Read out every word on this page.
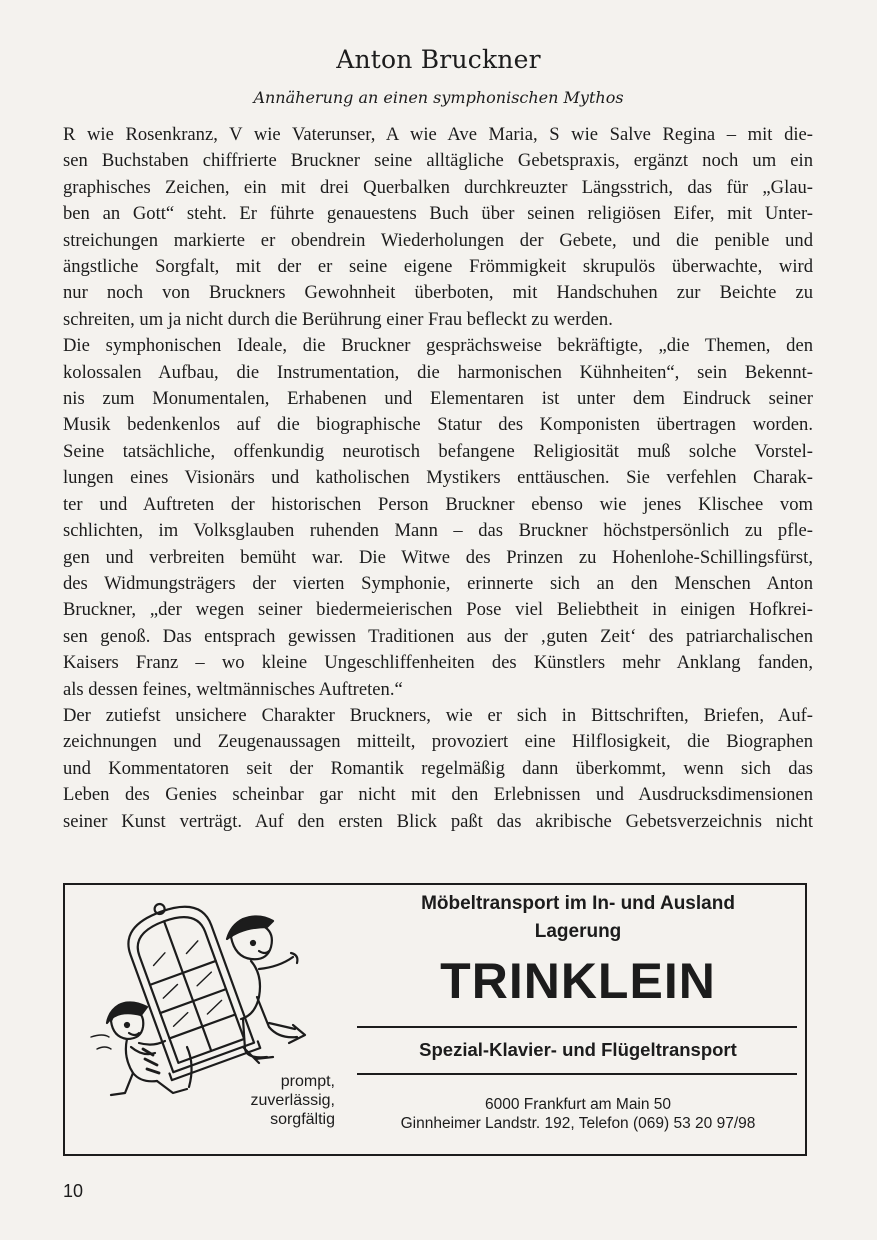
Anton Bruckner
Annäherung an einen symphonischen Mythos

R wie Rosenkranz, V wie Vaterunser, A wie Ave Maria, S wie Salve Regina – mit die-
sen Buchstaben chiffrierte Bruckner seine alltägliche Gebetspraxis, ergänzt noch um ein
graphisches Zeichen, ein mit drei Querbalken durchkreuzter Längsstrich, das für „Glau-
ben an Gott“ steht. Er führte genauestens Buch über seinen religiösen Eifer, mit Unter-
streichungen markierte er obendrein Wiederholungen der Gebete, und die penible und
ängstliche Sorgfalt, mit der er seine eigene Frömmigkeit skrupulös überwachte, wird
nur noch von Bruckners Gewohnheit überboten, mit Handschuhen zur Beichte zu
schreiten, um ja nicht durch die Berührung einer Frau befleckt zu werden.

Die symphonischen Ideale, die Bruckner gesprächsweise bekräftigte, „die Themen, den
kolossalen Aufbau, die Instrumentation, die harmonischen Kühnheiten“, sein Bekennt-
nis zum Monumentalen, Erhabenen und Elementaren ist unter dem Eindruck seiner
Musik bedenkenlos auf die biographische Statur des Komponisten übertragen worden.
Seine tatsächliche, offenkundig neurotisch befangene Religiosität muß solche Vorstel-
lungen eines Visionärs und katholischen Mystikers enttäuschen. Sie verfehlen Charak-
ter und Auftreten der historischen Person Bruckner ebenso wie jenes Klischee vom
schlichten, im Volksglauben ruhenden Mann – das Bruckner höchstpersönlich zu pfle-
gen und verbreiten bemüht war. Die Witwe des Prinzen zu Hohenlohe-Schillingsfürst,
des Widmungsträgers der vierten Symphonie, erinnerte sich an den Menschen Anton
Bruckner, „der wegen seiner biedermeierischen Pose viel Beliebtheit in einigen Hofkrei-
sen genoß. Das entsprach gewissen Traditionen aus der ‚guten Zeit‘ des patriarchalischen
Kaisers Franz – wo kleine Ungeschliffenheiten des Künstlers mehr Anklang fanden,
als dessen feines, weltmännisches Auftreten.“

Der zutiefst unsichere Charakter Bruckners, wie er sich in Bittschriften, Briefen, Auf-
zeichnungen und Zeugenaussagen mitteilt, provoziert eine Hilflosigkeit, die Biographen
und Kommentatoren seit der Romantik regelmäßig dann überkommt, wenn sich das
Leben des Genies scheinbar gar nicht mit den Erlebnissen und Ausdrucksdimensionen
seiner Kunst verträgt. Auf den ersten Blick paßt das akribische Gebetsverzeichnis nicht

prompt,
zuverlässig,
sorgfältig
Möbeltransport im In- und Ausland
Lagerung
TRINKLEIN
Spezial-Klavier- und Flügeltransport
6000 Frankfurt am Main 50
Ginnheimer Landstr. 192, Telefon (069) 53 20 97/98
10
